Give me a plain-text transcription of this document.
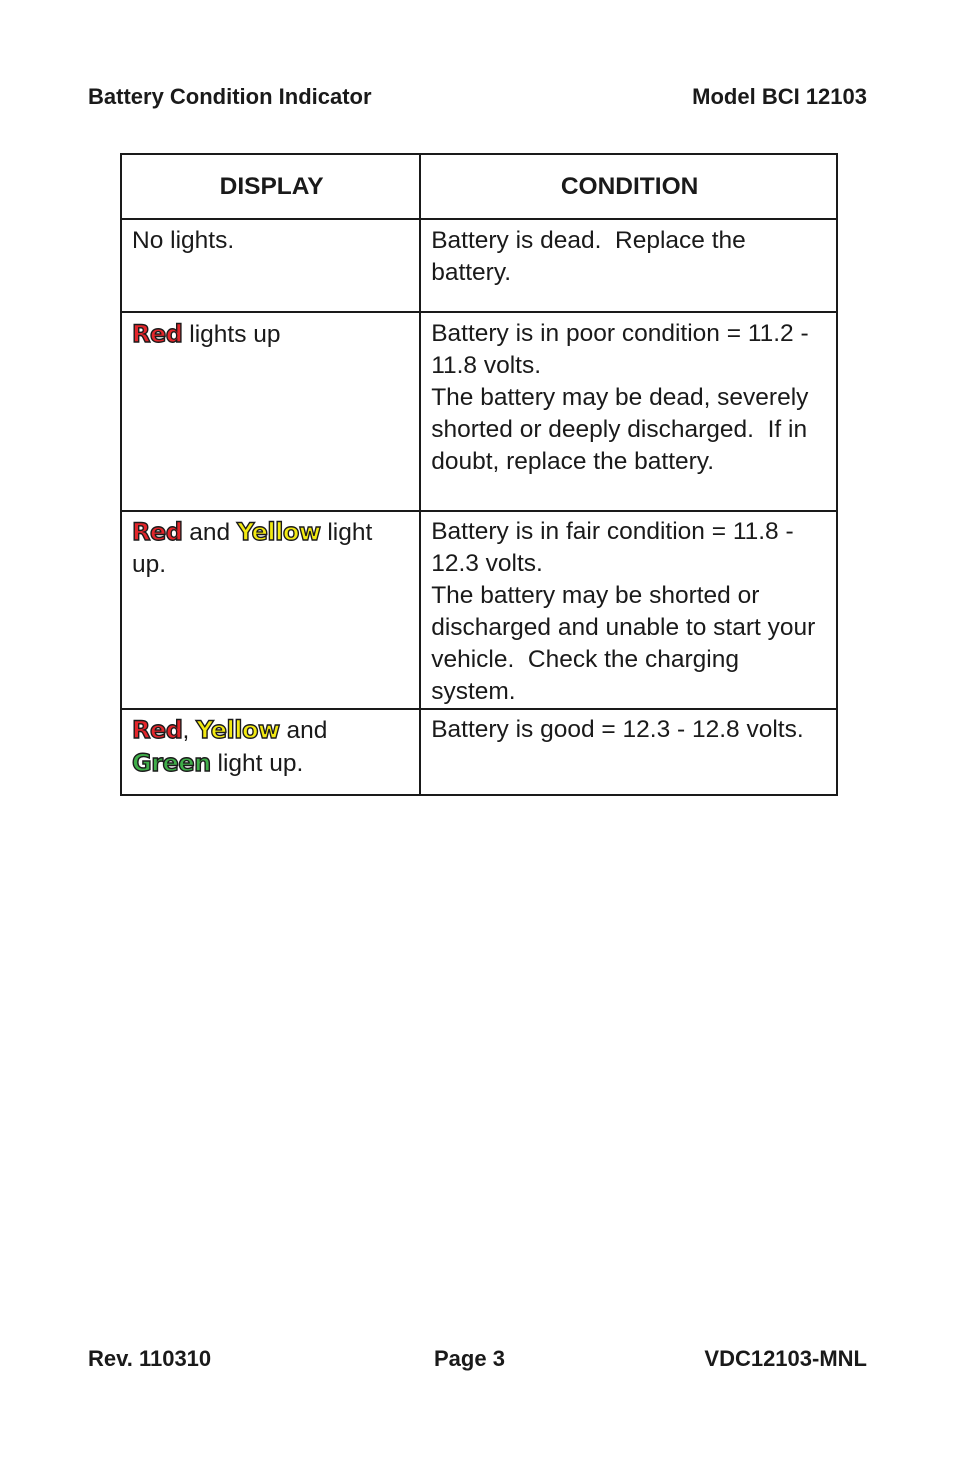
Battery Condition Indicator	Model BCI 12103
DISPLAY	CONDITION
No lights.	Battery is dead.  Replace the battery.
Red lights up	Battery is in poor condition = 11.2 - 11.8 volts.
The battery may be dead, severely shorted or deeply discharged.  If in doubt, replace the battery.

Red and Yellow light up.	Battery is in fair condition = 11.8 - 12.3 volts.
The battery may be shorted or discharged and unable to start your vehicle.  Check the charging system.

Red, Yellow and Green light up.	Battery is good = 12.3 - 12.8 volts.
Rev. 110310	Page 3	VDC12103-MNL
